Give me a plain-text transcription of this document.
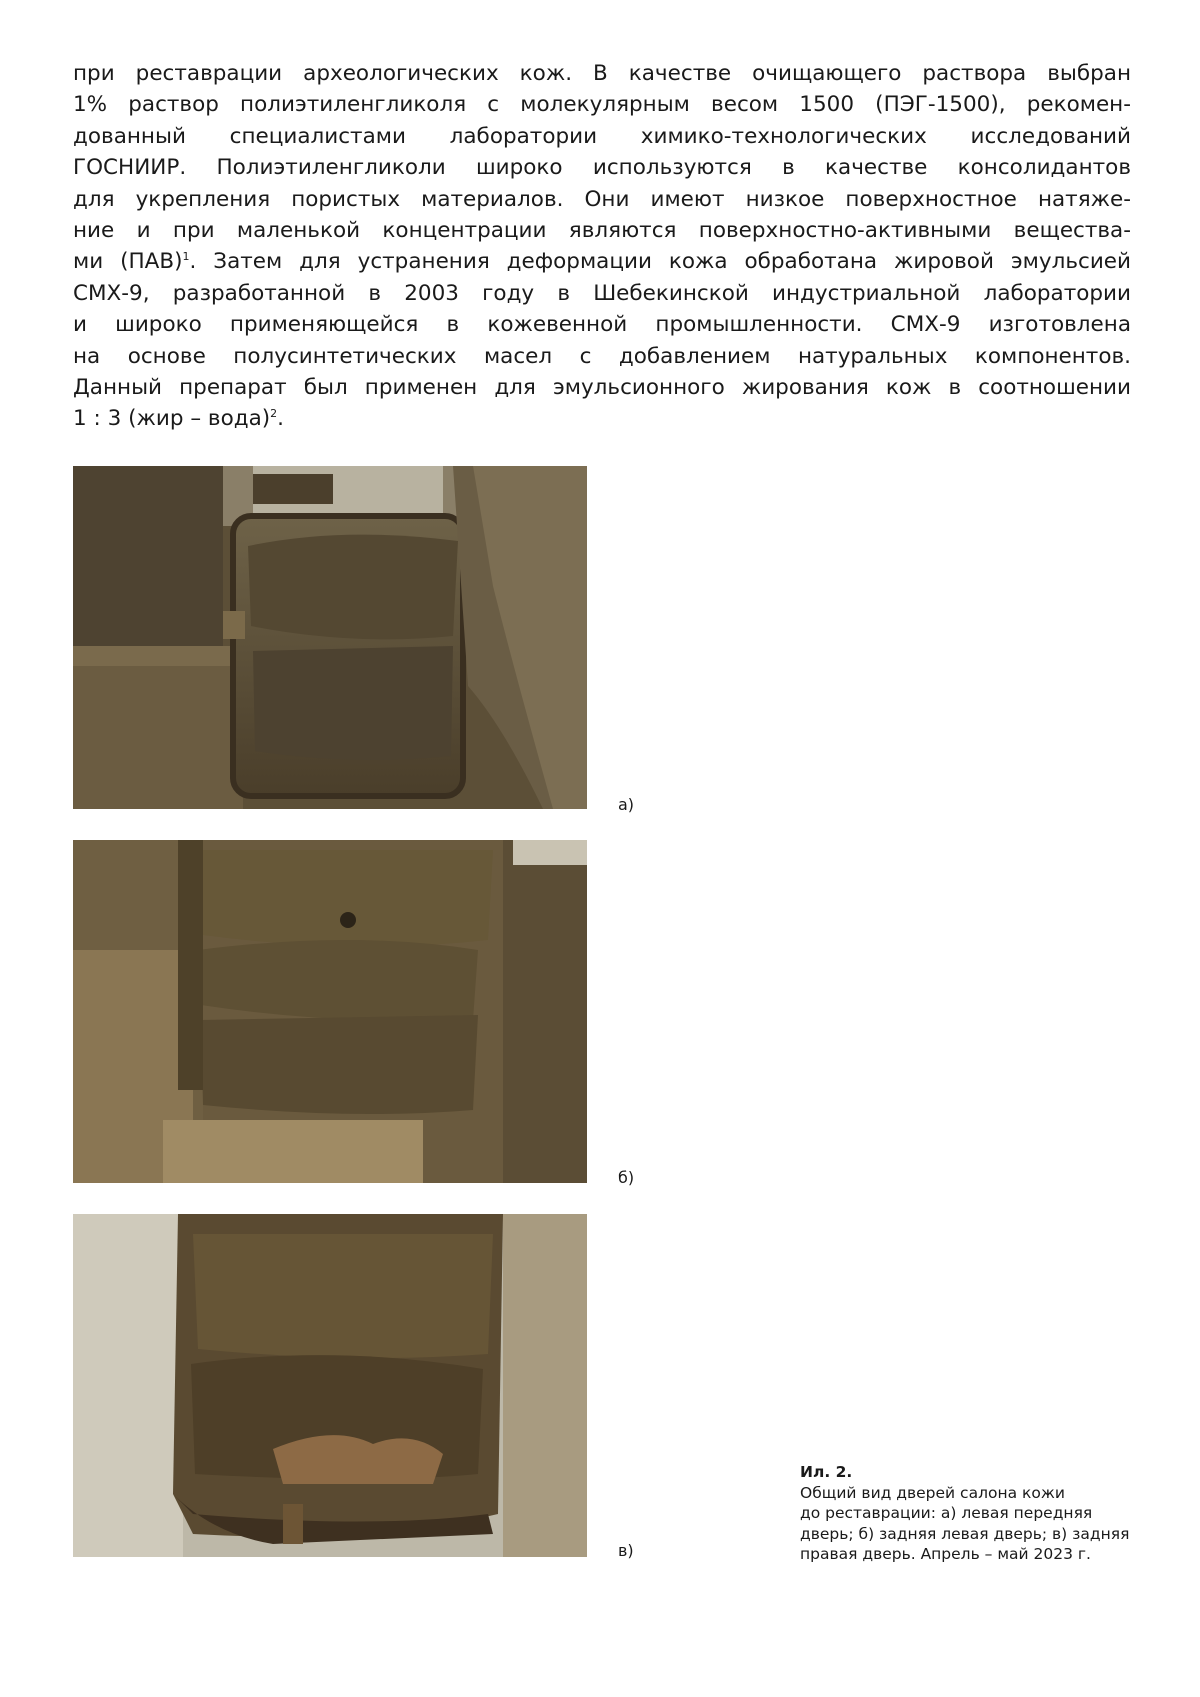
при реставрации археологических кож. В качестве очищающего раствора выбран
1% раствор полиэтиленгликоля с молекулярным весом 1500 (ПЭГ-1500), рекомен-
дованный специалистами лаборатории химико-технологических исследований
ГОСНИИР. Полиэтиленгликоли широко используются в качестве консолидантов
для укрепления пористых материалов. Они имеют низкое поверхностное натяже-
ние и при маленькой концентрации являются поверхностно-активными вещества-
ми (ПАВ)$^1$. Затем для устранения деформации кожа обработана жировой эмульсией
СМХ-9, разработанной в 2003 году в Шебекинской индустриальной лаборатории
и широко применяющейся в кожевенной промышленности. СМХ-9 изготовлена
на основе полусинтетических масел с добавлением натуральных компонентов.
Данный препарат был применен для эмульсионного жирования кож в соотношении
1 : 3 (жир – вода)$^2$.
а)
б)
в)
Ил. 2.
Общий вид дверей салона кожи
до реставрации: а) левая передняя
дверь; б) задняя левая дверь; в) задняя
правая дверь. Апрель – май 2023 г.
